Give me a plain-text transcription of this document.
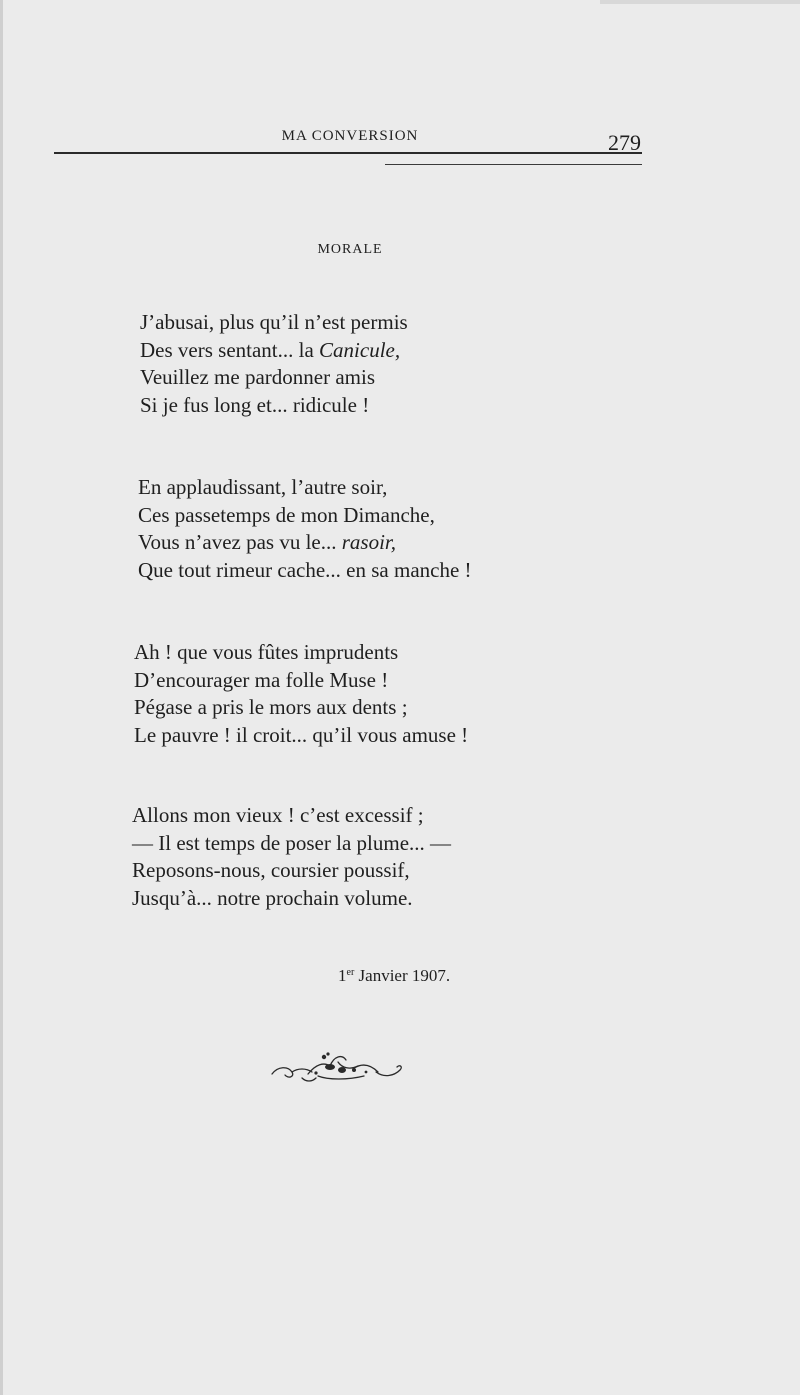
MA CONVERSION	279
MORALE
J’abusai, plus qu’il n’est permis
Des vers sentant... la Canicule,
Veuillez me pardonner amis
Si je fus long et... ridicule !
En applaudissant, l’autre soir,
Ces passetemps de mon Dimanche,
Vous n’avez pas vu le... rasoir,
Que tout rimeur cache... en sa manche !
Ah ! que vous fûtes imprudents
D’encourager ma folle Muse !
Pégase a pris le mors aux dents ;
Le pauvre ! il croit... qu’il vous amuse !
Allons mon vieux ! c’est excessif ;
— Il est temps de poser la plume... —
Reposons-nous, coursier poussif,
Jusqu’à... notre prochain volume.
1er Janvier 1907.
